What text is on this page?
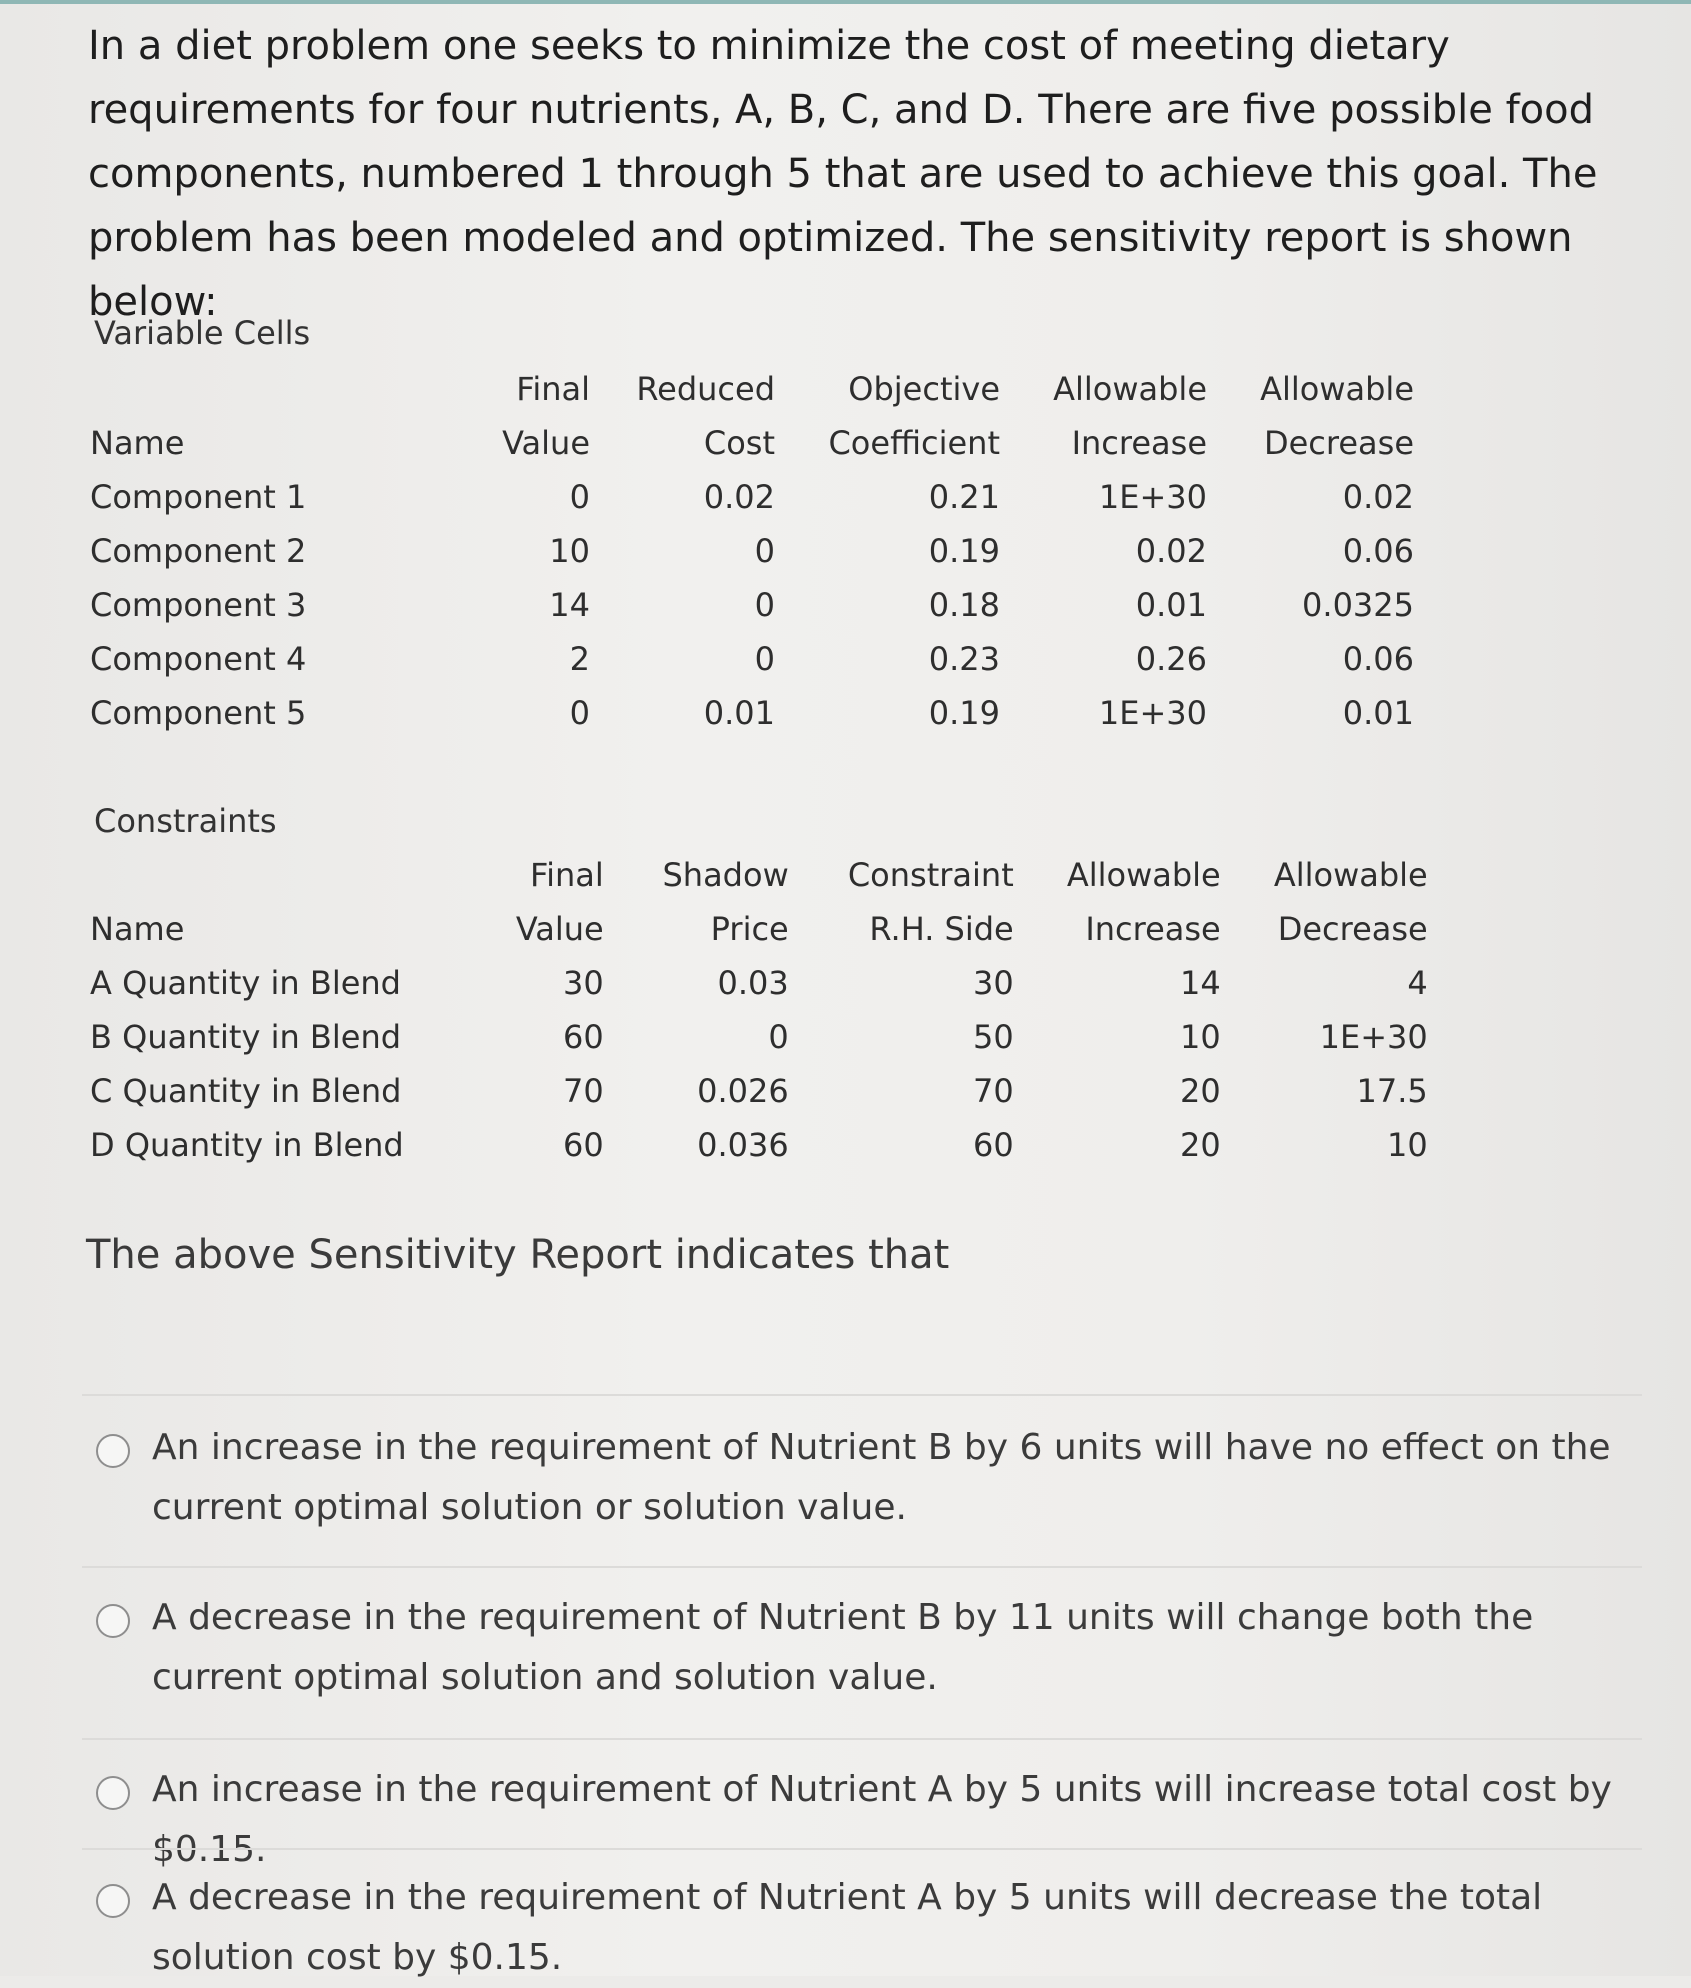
In a diet problem one seeks to minimize the cost of meeting dietary requirements for four nutrients, A, B, C, and D. There are five possible food components, numbered 1 through 5 that are used to achieve this goal. The problem has been modeled and optimized. The sensitivity report is shown below:

Variable Cells

	Final	Reduced	Objective	Allowable	Allowable
Name	Value	Cost	Coefficient	Increase	Decrease
Component 1	0	0.02	0.21	1E+30	0.02
Component 2	10	0	0.19	0.02	0.06
Component 3	14	0	0.18	0.01	0.0325
Component 4	2	0	0.23	0.26	0.06
Component 5	0	0.01	0.19	1E+30	0.01

Constraints

	Final	Shadow	Constraint	Allowable	Allowable
Name	Value	Price	R.H. Side	Increase	Decrease
A Quantity in Blend	30	0.03	30	14	4
B Quantity in Blend	60	0	50	10	1E+30
C Quantity in Blend	70	0.026	70	20	17.5
D Quantity in Blend	60	0.036	60	20	10

The above Sensitivity Report indicates that

An increase in the requirement of Nutrient B by 6 units will have no effect on the current optimal solution or solution value.
A decrease in the requirement of Nutrient B by 11 units will change both the current optimal solution and solution value.
An increase in the requirement of Nutrient A by 5 units will increase total cost by $0.15.
A decrease in the requirement of Nutrient A by 5 units will decrease the total solution cost by $0.15.
